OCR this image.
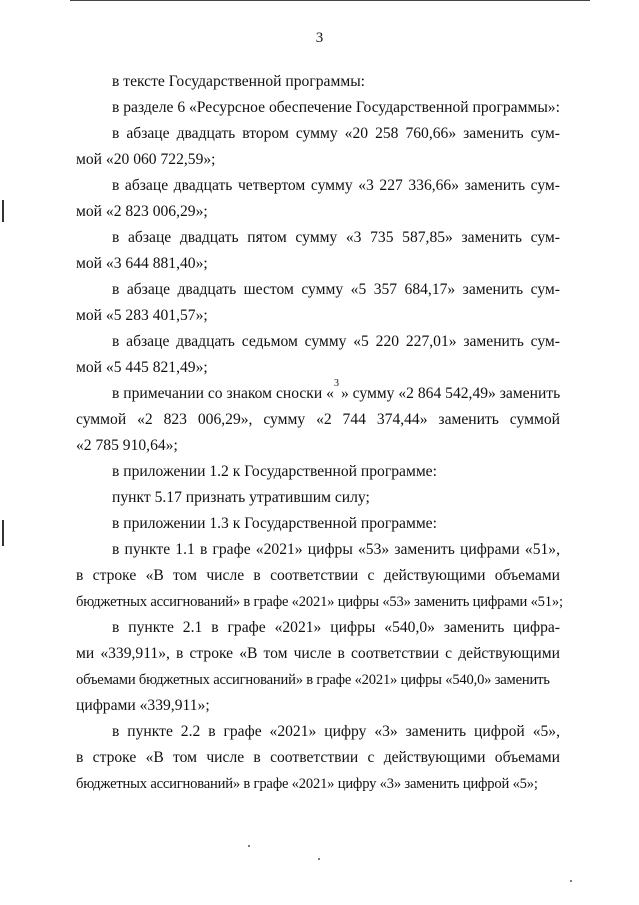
3
в тексте Государственной программы:
в разделе 6 «Ресурсное обеспечение Государственной программы»:
в абзаце двадцать втором сумму «20 258 760,66» заменить сум-
мой «20 060 722,59»;
в абзаце двадцать четвертом сумму «3 227 336,66» заменить сум-
мой «2 823 006,29»;
в абзаце двадцать пятом сумму «3 735 587,85» заменить сум-
мой «3 644 881,40»;
в абзаце двадцать шестом сумму «5 357 684,17» заменить сум-
мой «5 283 401,57»;
в абзаце двадцать седьмом сумму «5 220 227,01» заменить сум-
мой «5 445 821,49»;
в примечании со знаком сноски «
3
» сумму «2 864 542,49» заменить
суммой «2 823 006,29», сумму «2 744 374,44» заменить суммой
«2 785 910,64»;
в приложении 1.2 к Государственной программе:
пункт 5.17 признать утратившим силу;
в приложении 1.3 к Государственной программе:
в пункте 1.1 в графе «2021» цифры «53» заменить цифрами «51»,
в строке «В том числе в соответствии с действующими объемами
бюджетных ассигнований» в графе «2021» цифры «53» заменить цифрами «51»;
в пункте 2.1 в графе «2021» цифры «540,0» заменить цифра-
ми «339,911», в строке «В том числе в соответствии с действующими
объемами бюджетных ассигнований» в графе «2021» цифры «540,0» заменить
цифрами «339,911»;
в пункте 2.2 в графе «2021» цифру «3» заменить цифрой «5»,
в строке «В том числе в соответствии с действующими объемами
бюджетных ассигнований» в графе «2021» цифру «3» заменить цифрой «5»;
